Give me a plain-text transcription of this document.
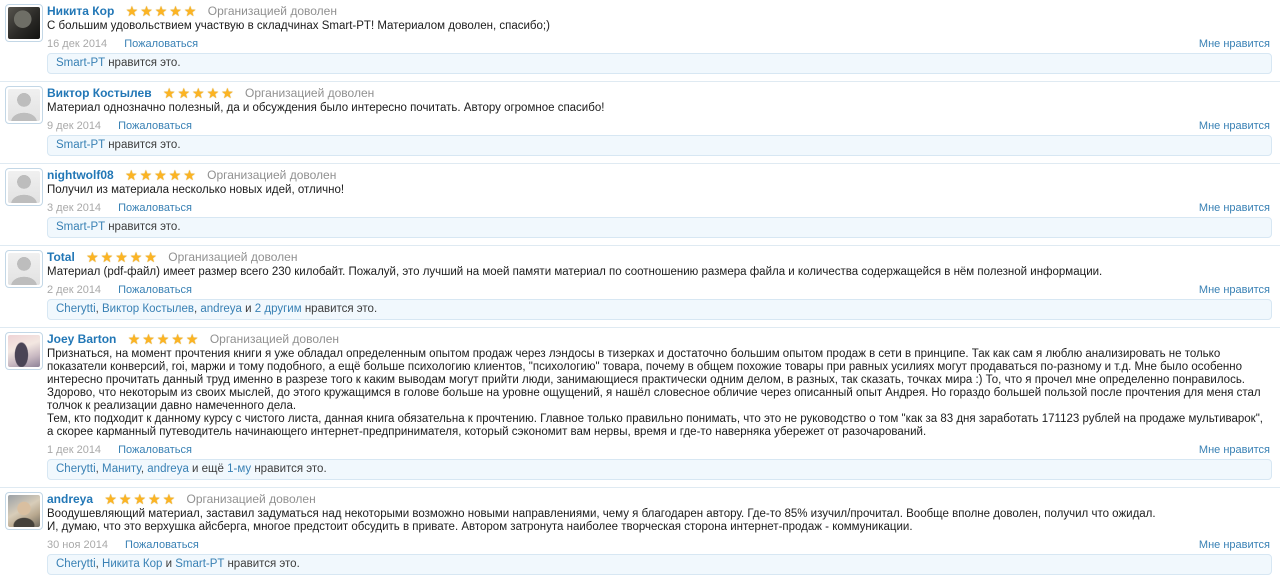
Никита Кор ★★★★★ Организацией доволен
С большим удовольствием участвую в складчинах Smart-PT! Материалом доволен, спасибо;)
16 дек 2014 Пожаловаться	Мне нравится
Smart-PT нравится это.
Виктор Костылев ★★★★★ Организацией доволен
Материал однозначно полезный, да и обсуждения было интересно почитать. Автору огромное спасибо!
9 дек 2014 Пожаловаться	Мне нравится
Smart-PT нравится это.
nightwolf08 ★★★★★ Организацией доволен
Получил из материала несколько новых идей, отлично!
3 дек 2014 Пожаловаться	Мне нравится
Smart-PT нравится это.
Total ★★★★★ Организацией доволен
Материал (pdf-файл) имеет размер всего 230 килобайт. Пожалуй, это лучший на моей памяти материал по соотношению размера файла и количества содержащейся в нём полезной информации.
2 дек 2014 Пожаловаться	Мне нравится
Cherytti, Виктор Костылев, andreya и 2 другим нравится это.
Joey Barton ★★★★★ Организацией доволен
Признаться, на момент прочтения книги я уже обладал определенным опытом продаж через лэндосы в тизерках и достаточно большим опытом продаж в сети в принципе. Так как сам я люблю анализировать не только показатели конверсий, roi, маржи и тому подобного, а ещё больше психологию клиентов, "психологию" товара, почему в общем похожие товары при равных усилиях могут продаваться по-разному и т.д. Мне было особенно интересно прочитать данный труд именно в разрезе того к каким выводам могут прийти люди, занимающиеся практически одним делом, в разных, так сказать, точках мира :) То, что я прочел мне определенно понравилось. Здорово, что некоторым из своих мыслей, до этого кружащимся в голове больше на уровне ощущений, я нашёл словесное обличие через описанный опыт Андрея. Но гораздо большей пользой после прочтения для меня стал толчок к реализации давно намеченного дела.
Тем, кто подходит к данному курсу с чистого листа, данная книга обязательна к прочтению. Главное только правильно понимать, что это не руководство о том "как за 83 дня заработать 171123 рублей на продаже мультиварок", а скорее карманный путеводитель начинающего интернет-предпринимателя, который сэкономит вам нервы, время и где-то наверняка убережет от разочарований.
1 дек 2014 Пожаловаться	Мне нравится
Cherytti, Маниту, andreya и ещё 1-му нравится это.
andreya ★★★★★ Организацией доволен
Воодушевляющий материал, заставил задуматься над некоторыми возможно новыми направлениями, чему я благодарен автору. Где-то 85% изучил/прочитал. Вообще вполне доволен, получил что ожидал.
И, думаю, что это верхушка айсберга, многое предстоит обсудить в привате. Автором затронута наиболее творческая сторона интернет-продаж - коммуникации.
30 ноя 2014 Пожаловаться	Мне нравится
Cherytti, Никита Кор и Smart-PT нравится это.
